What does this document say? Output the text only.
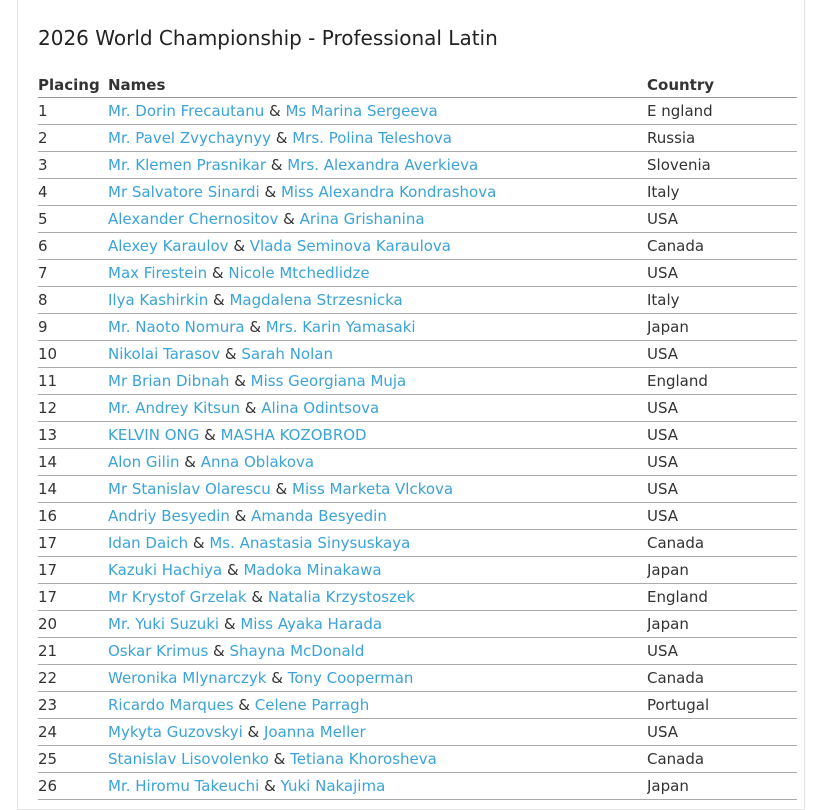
2026 World Championship - Professional Latin
Placing	Names	Country
1	Mr. Dorin Frecautanu & Ms Marina Sergeeva	E ngland
2	Mr. Pavel Zvychaynyy & Mrs. Polina Teleshova	Russia
3	Mr. Klemen Prasnikar & Mrs. Alexandra Averkieva	Slovenia
4	Mr Salvatore Sinardi & Miss Alexandra Kondrashova	Italy
5	Alexander Chernositov & Arina Grishanina	USA
6	Alexey Karaulov & Vlada Seminova Karaulova	Canada
7	Max Firestein & Nicole Mtchedlidze	USA
8	Ilya Kashirkin & Magdalena Strzesnicka	Italy
9	Mr. Naoto Nomura & Mrs. Karin Yamasaki	Japan
10	Nikolai Tarasov & Sarah Nolan	USA
11	Mr Brian Dibnah & Miss Georgiana Muja	England
12	Mr. Andrey Kitsun & Alina Odintsova	USA
13	KELVIN ONG & MASHA KOZOBROD	USA
14	Alon Gilin & Anna Oblakova	USA
14	Mr Stanislav Olarescu & Miss Marketa Vlckova	USA
16	Andriy Besyedin & Amanda Besyedin	USA
17	Idan Daich & Ms. Anastasia Sinysuskaya	Canada
17	Kazuki Hachiya & Madoka Minakawa	Japan
17	Mr Krystof Grzelak & Natalia Krzystoszek	England
20	Mr. Yuki Suzuki & Miss Ayaka Harada	Japan
21	Oskar Krimus & Shayna McDonald	USA
22	Weronika Mlynarczyk & Tony Cooperman	Canada
23	Ricardo Marques & Celene Parragh	Portugal
24	Mykyta Guzovskyi & Joanna Meller	USA
25	Stanislav Lisovolenko & Tetiana Khorosheva	Canada
26	Mr. Hiromu Takeuchi & Yuki Nakajima	Japan
